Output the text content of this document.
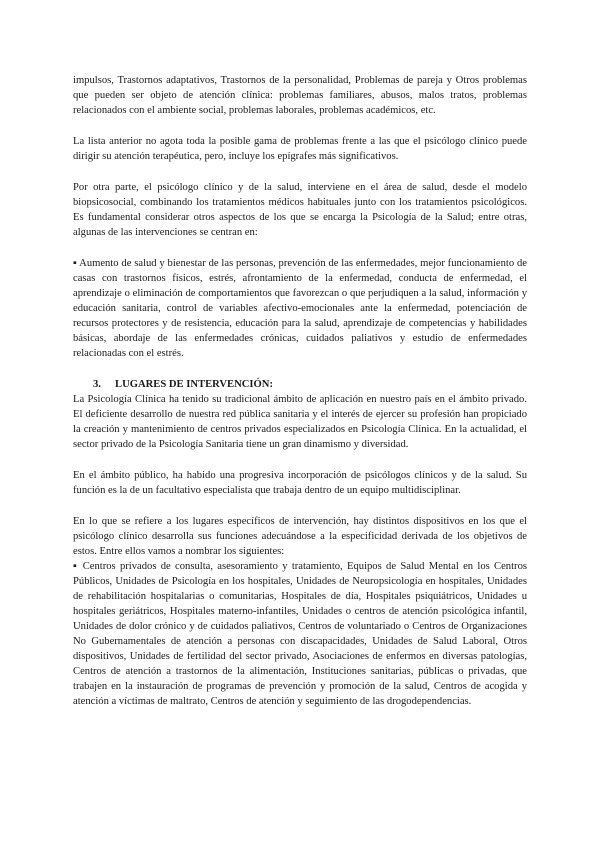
impulsos, Trastornos adaptativos, Trastornos de la personalidad, Problemas de pareja y Otros problemas que pueden ser objeto de atención clínica: problemas familiares, abusos, malos tratos, problemas relacionados con el ambiente social, problemas laborales, problemas académicos, etc.

La lista anterior no agota toda la posible gama de problemas frente a las que el psicólogo clínico puede dirigir su atención terapéutica, pero, incluye los epígrafes más significativos.

Por otra parte, el psicólogo clínico y de la salud, interviene en el área de salud, desde el modelo biopsicosocial, combinando los tratamientos médicos habituales junto con los tratamientos psicológicos. Es fundamental considerar otros aspectos de los que se encarga la Psicología de la Salud; entre otras, algunas de las intervenciones se centran en:

▪ Aumento de salud y bienestar de las personas, prevención de las enfermedades, mejor funcionamiento de casas con trastornos físicos, estrés, afrontamiento de la enfermedad, conducta de enfermedad, el aprendizaje o eliminación de comportamientos que favorezcan o que perjudiquen a la salud, información y educación sanitaria, control de variables afectivo-emocionales ante la enfermedad, potenciación de recursos protectores y de resistencia, educación para la salud, aprendizaje de competencias y habilidades básicas, abordaje de las enfermedades crónicas, cuidados paliativos y estudio de enfermedades relacionadas con el estrés.

3. LUGARES DE INTERVENCIÓN:

La Psicología Clínica ha tenido su tradicional ámbito de aplicación en nuestro país en el ámbito privado. El deficiente desarrollo de nuestra red pública sanitaria y el interés de ejercer su profesión han propiciado la creación y mantenimiento de centros privados especializados en Psicología Clínica. En la actualidad, el sector privado de la Psicología Sanitaria tiene un gran dinamismo y diversidad.

En el ámbito público, ha habido una progresiva incorporación de psicólogos clínicos y de la salud. Su función es la de un facultativo especialista que trabaja dentro de un equipo multidisciplinar.

En lo que se refiere a los lugares específicos de intervención, hay distintos dispositivos en los que el psicólogo clínico desarrolla sus funciones adecuándose a la especificidad derivada de los objetivos de estos. Entre ellos vamos a nombrar los siguientes:

▪ Centros privados de consulta, asesoramiento y tratamiento, Equipos de Salud Mental en los Centros Públicos, Unidades de Psicología en los hospitales, Unidades de Neuropsicología en hospitales, Unidades de rehabilitación hospitalarias o comunitarias, Hospitales de día, Hospitales psiquiátricos, Unidades u hospitales geriátricos, Hospitales materno-infantiles, Unidades o centros de atención psicológica infantil, Unidades de dolor crónico y de cuidados paliativos, Centros de voluntariado o Centros de Organizaciones No Gubernamentales de atención a personas con discapacidades, Unidades de Salud Laboral, Otros dispositivos, Unidades de fertilidad del sector privado, Asociaciones de enfermos en diversas patologías, Centros de atención a trastornos de la alimentación, Instituciones sanitarias, públicas o privadas, que trabajen en la instauración de programas de prevención y promoción de la salud, Centros de acogida y atención a víctimas de maltrato, Centros de atención y seguimiento de las drogodependencias.
